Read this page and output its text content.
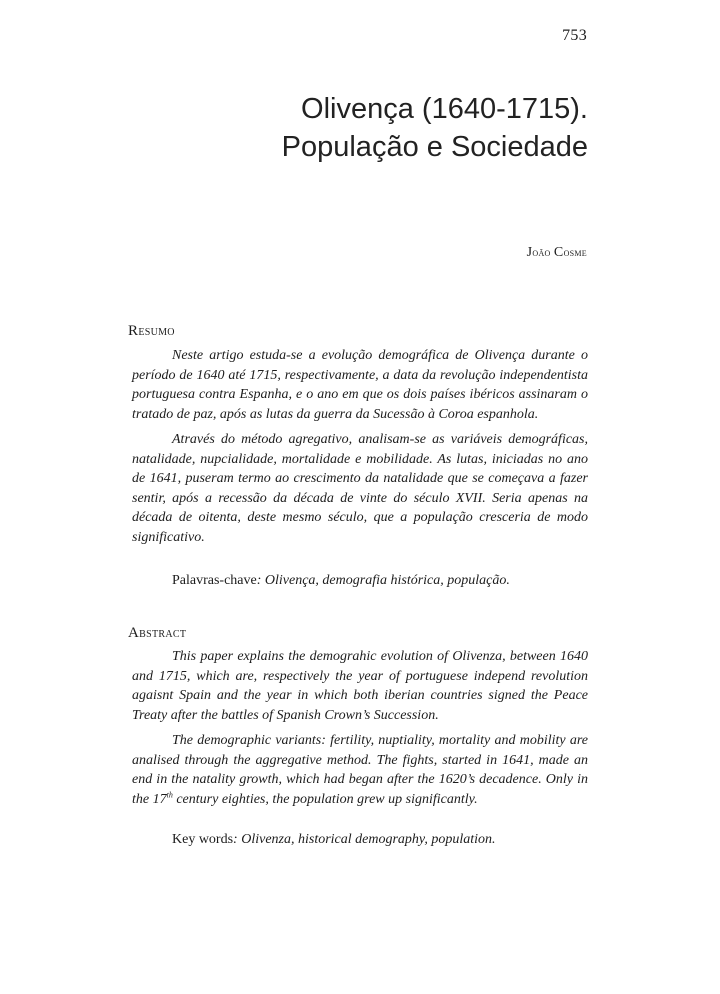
753
Olivença (1640-1715).
População e Sociedade
João Cosme
Resumo

Neste artigo estuda-se a evolução demográfica de Olivença durante o período de 1640 até 1715, respectivamente, a data da revolução independentista portuguesa contra Espanha, e o ano em que os dois países ibéricos assinaram o tratado de paz, após as lutas da guerra da Sucessão à Coroa espanhola.

Através do método agregativo, analisam-se as variáveis demográficas, natalidade, nupcialidade, mortalidade e mobilidade. As lutas, iniciadas no ano de 1641, puseram termo ao crescimento da natalidade que se começava a fazer sentir, após a recessão da década de vinte do século XVII. Seria apenas na década de oitenta, deste mesmo século, que a população cresceria de modo significativo.

Palavras-chave: Olivença, demografia histórica, população.
Abstract

This paper explains the demograhic evolution of Olivenza, between 1640 and 1715, which are, respectively the year of portuguese independ revolution agaisnt Spain and the year in which both iberian countries signed the Peace Treaty after the battles of Spanish Crown’s Succession.

The demographic variants: fertility, nuptiality, mortality and mobility are analised through the aggregative method. The fights, started in 1641, made an end in the natality growth, which had began after the 1620’s decadence. Only in the 17th century eighties, the population grew up significantly.

Key words: Olivenza, historical demography, population.
